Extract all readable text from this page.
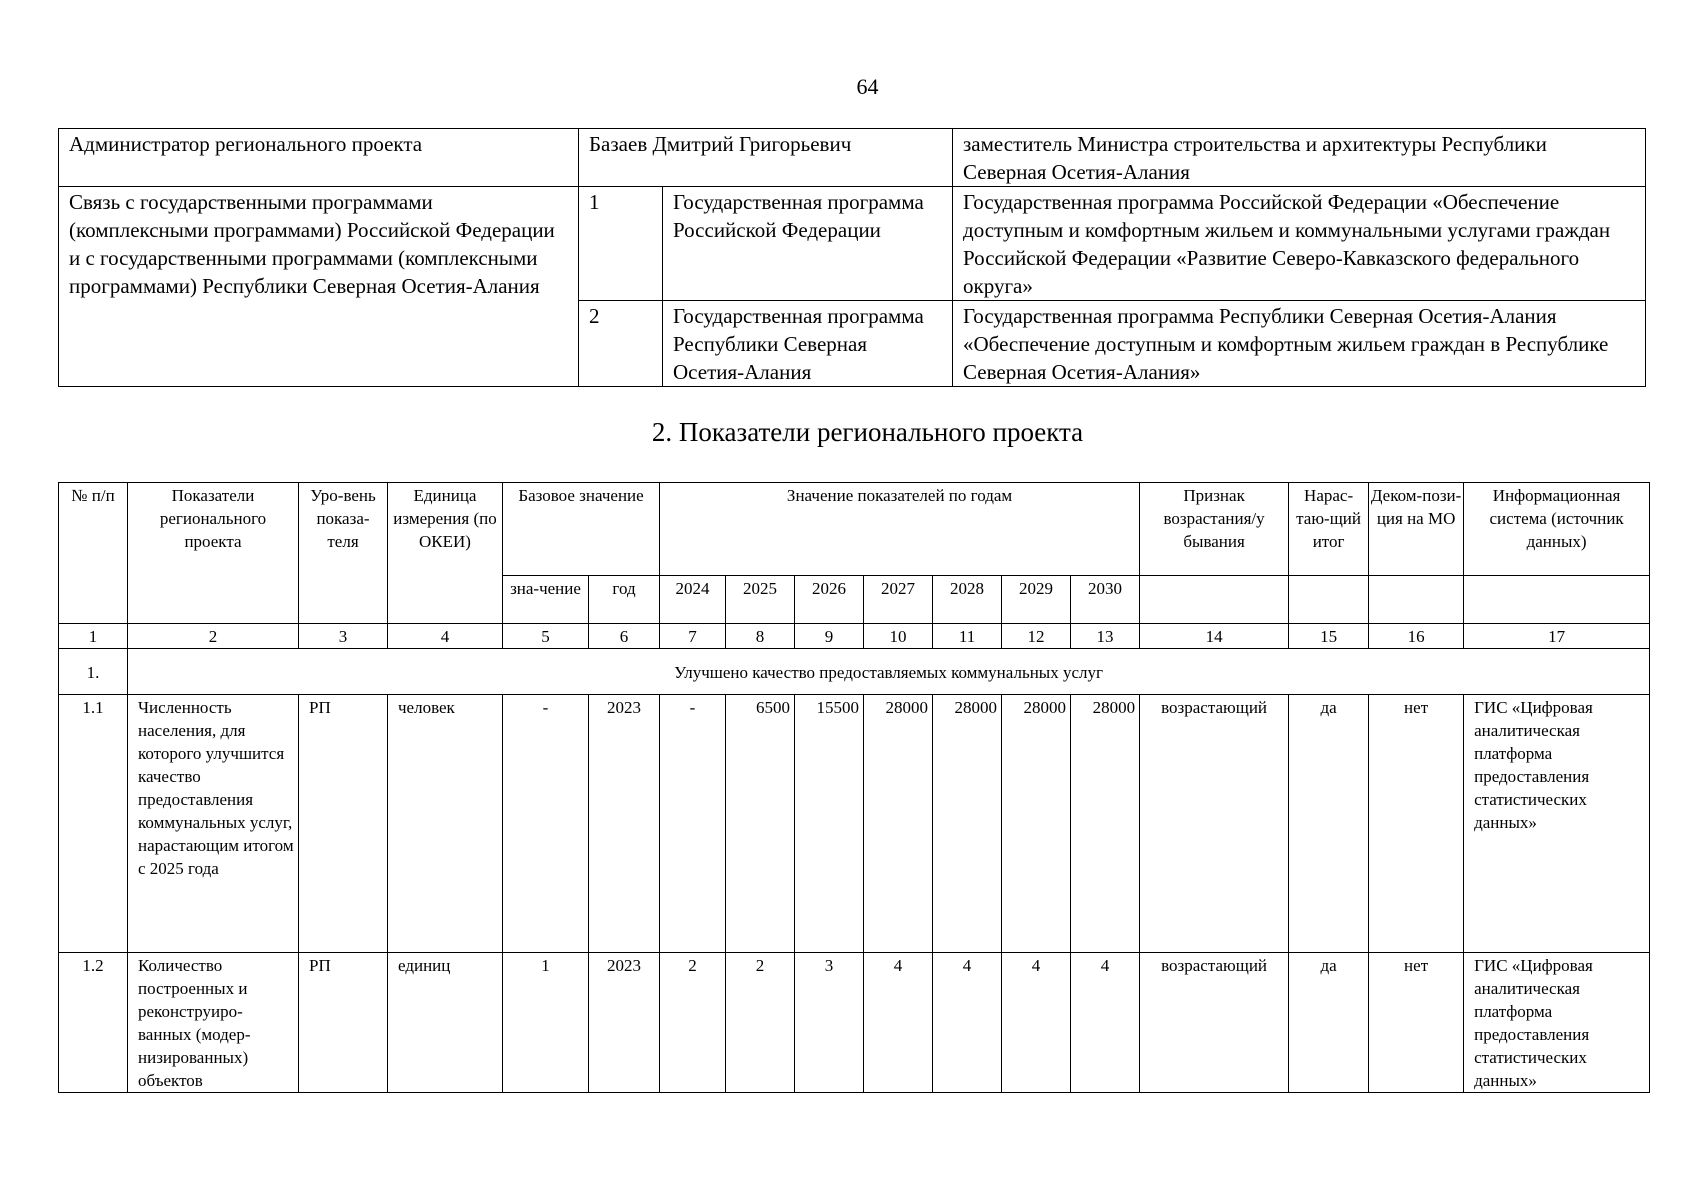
64
Администратор регионального проекта	Базаев Дмитрий Григорьевич		заместитель Министра строительства и архитектуры Республики Северная Осетия-Алания
Связь с государственными программами (комплексными программами) Российской Федерации и с государственными программами (комплексными программами) Республики Северная Осетия-Алания	1	Государственная программа Российской Федерации	Государственная программа Российской Федерации «Обеспечение доступным и комфортным жильем и коммунальными услугами граждан Российской Федерации «Развитие Северо-Кавказского федерального округа»
	2	Государственная программа Республики Северная Осетия-Алания	Государственная программа Республики Северная Осетия-Алания «Обеспечение доступным и комфортным жильем граждан в Республике Северная Осетия-Алания»
2. Показатели регионального проекта
№ п/п	Показатели регионального проекта	Уро-вень показа-теля	Единица измерения (по ОКЕИ)	Базовое значение		Значение показателей по годам							Признак возрастания/у бывания	Нарас-таю-щий итог	Деком-пози-ция на МО	Информационная система (источник данных)
				зна-чение	год	2024	2025	2026	2027	2028	2029	2030				
1	2	3	4	5	6	7	8	9	10	11	12	13	14	15	16	17
1.	Улучшено качество предоставляемых коммунальных услуг															
1.1	Численность населения, для которого улучшится качество предоставления коммунальных услуг, нарастающим итогом с 2025 года	РП	человек	-	2023	-	6500	15500	28000	28000	28000	28000	возрастающий	да	нет	ГИС «Цифровая аналитическая платформа предоставления статистических данных»
1.2	Количество построенных и реконструиро-ванных (модер-низированных) объектов	РП	единиц	1	2023	2	2	3	4	4	4	4	возрастающий	да	нет	ГИС «Цифровая аналитическая платформа предоставления статистических данных»
